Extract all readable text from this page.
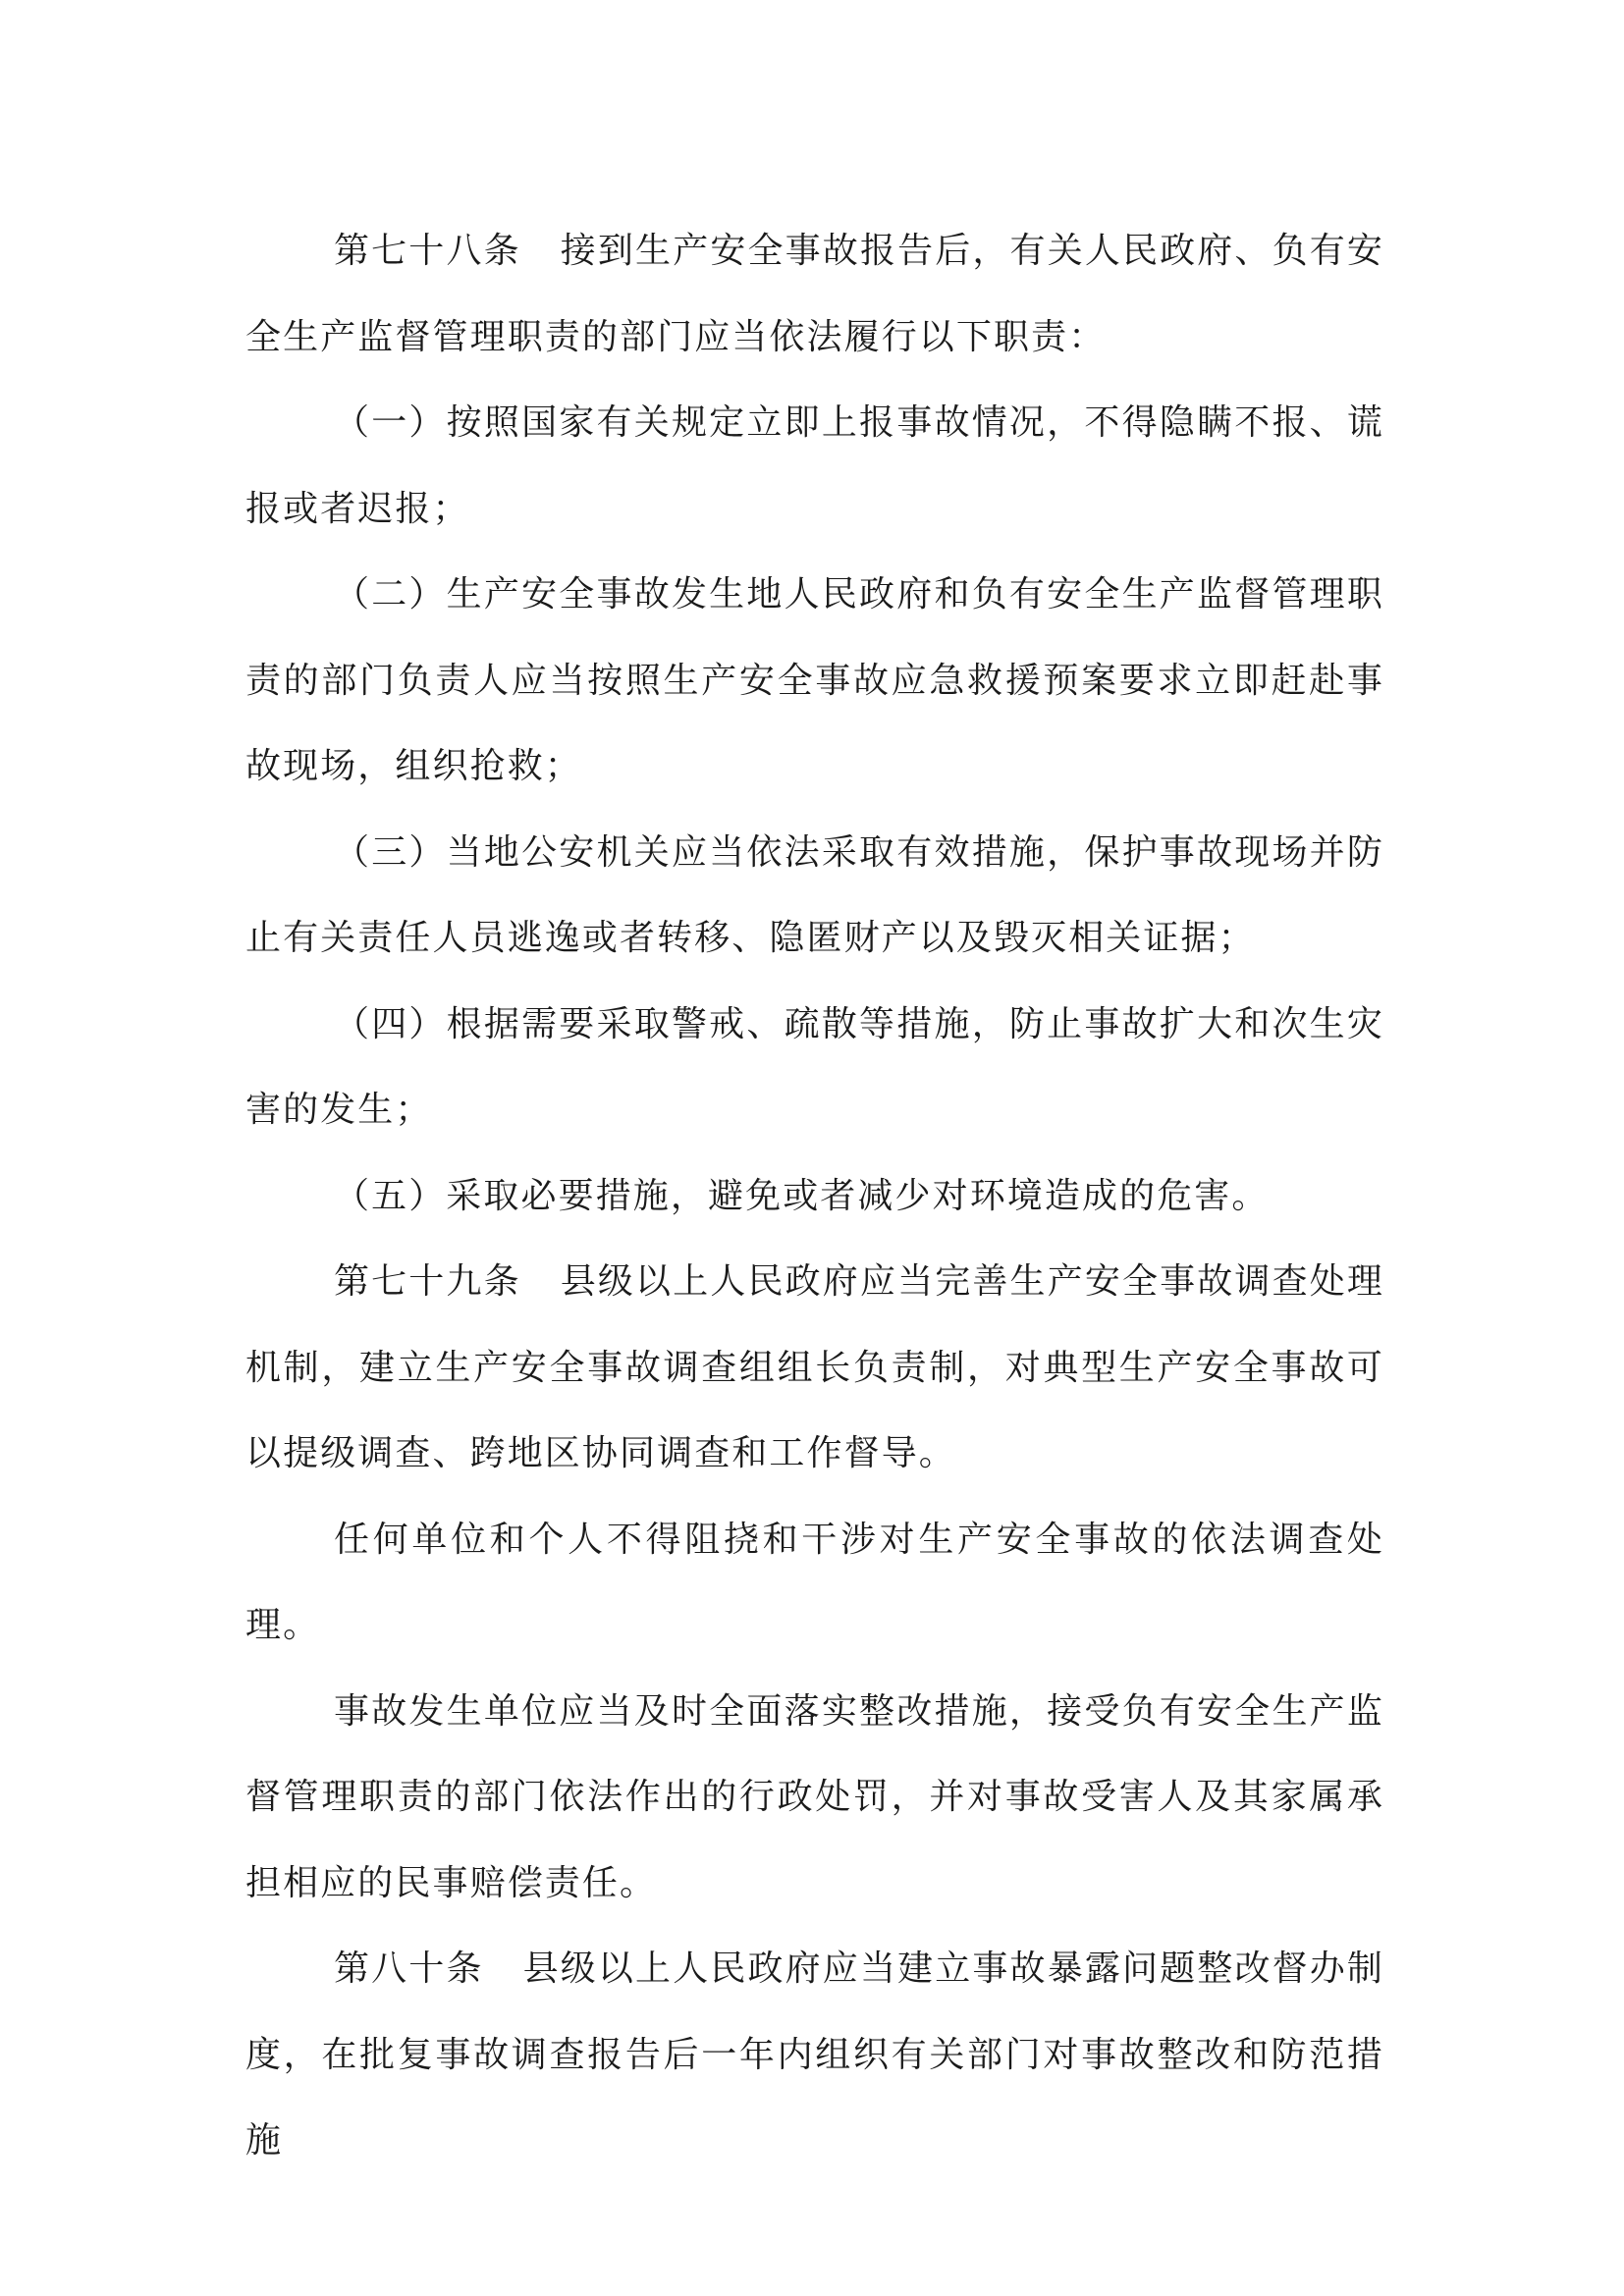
第七十八条 接到生产安全事故报告后，有关人民政府、负有安全生产监督管理职责的部门应当依法履行以下职责：

（一）按照国家有关规定立即上报事故情况，不得隐瞒不报、谎报或者迟报；

（二）生产安全事故发生地人民政府和负有安全生产监督管理职责的部门负责人应当按照生产安全事故应急救援预案要求立即赶赴事故现场，组织抢救；

（三）当地公安机关应当依法采取有效措施，保护事故现场并防止有关责任人员逃逸或者转移、隐匿财产以及毁灭相关证据；

（四）根据需要采取警戒、疏散等措施，防止事故扩大和次生灾害的发生；

（五）采取必要措施，避免或者减少对环境造成的危害。

第七十九条 县级以上人民政府应当完善生产安全事故调查处理机制，建立生产安全事故调查组组长负责制，对典型生产安全事故可以提级调查、跨地区协同调查和工作督导。

任何单位和个人不得阻挠和干涉对生产安全事故的依法调查处理。

事故发生单位应当及时全面落实整改措施，接受负有安全生产监督管理职责的部门依法作出的行政处罚，并对事故受害人及其家属承担相应的民事赔偿责任。

第八十条 县级以上人民政府应当建立事故暴露问题整改督办制度，在批复事故调查报告后一年内组织有关部门对事故整改和防范措施
